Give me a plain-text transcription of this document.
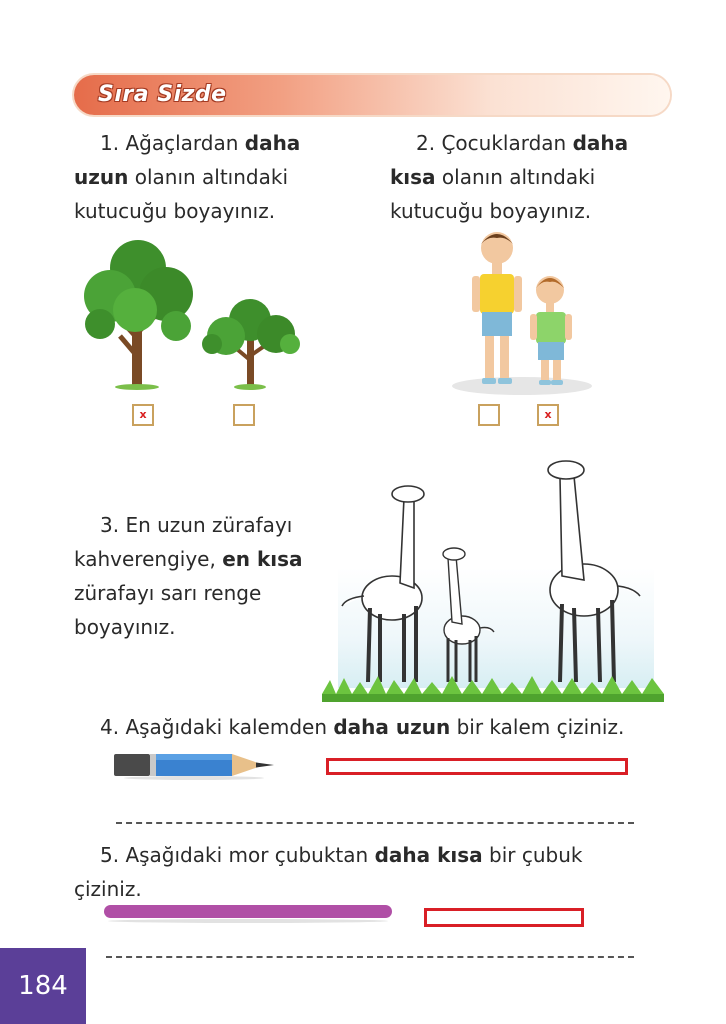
Sıra Sizde
1. Ağaçlardan daha
uzun olanın altındaki
kutucuğu boyayınız.
2. Çocuklardan daha
kısa olanın altındaki
kutucuğu boyayınız.
x	x
3. En uzun zürafayı
kahverengiye, en kısa
zürafayı sarı renge
boyayınız.
4. Aşağıdaki kalemden daha uzun bir kalem çiziniz.
5. Aşağıdaki mor çubuktan daha kısa bir çubuk
çiziniz.
184
